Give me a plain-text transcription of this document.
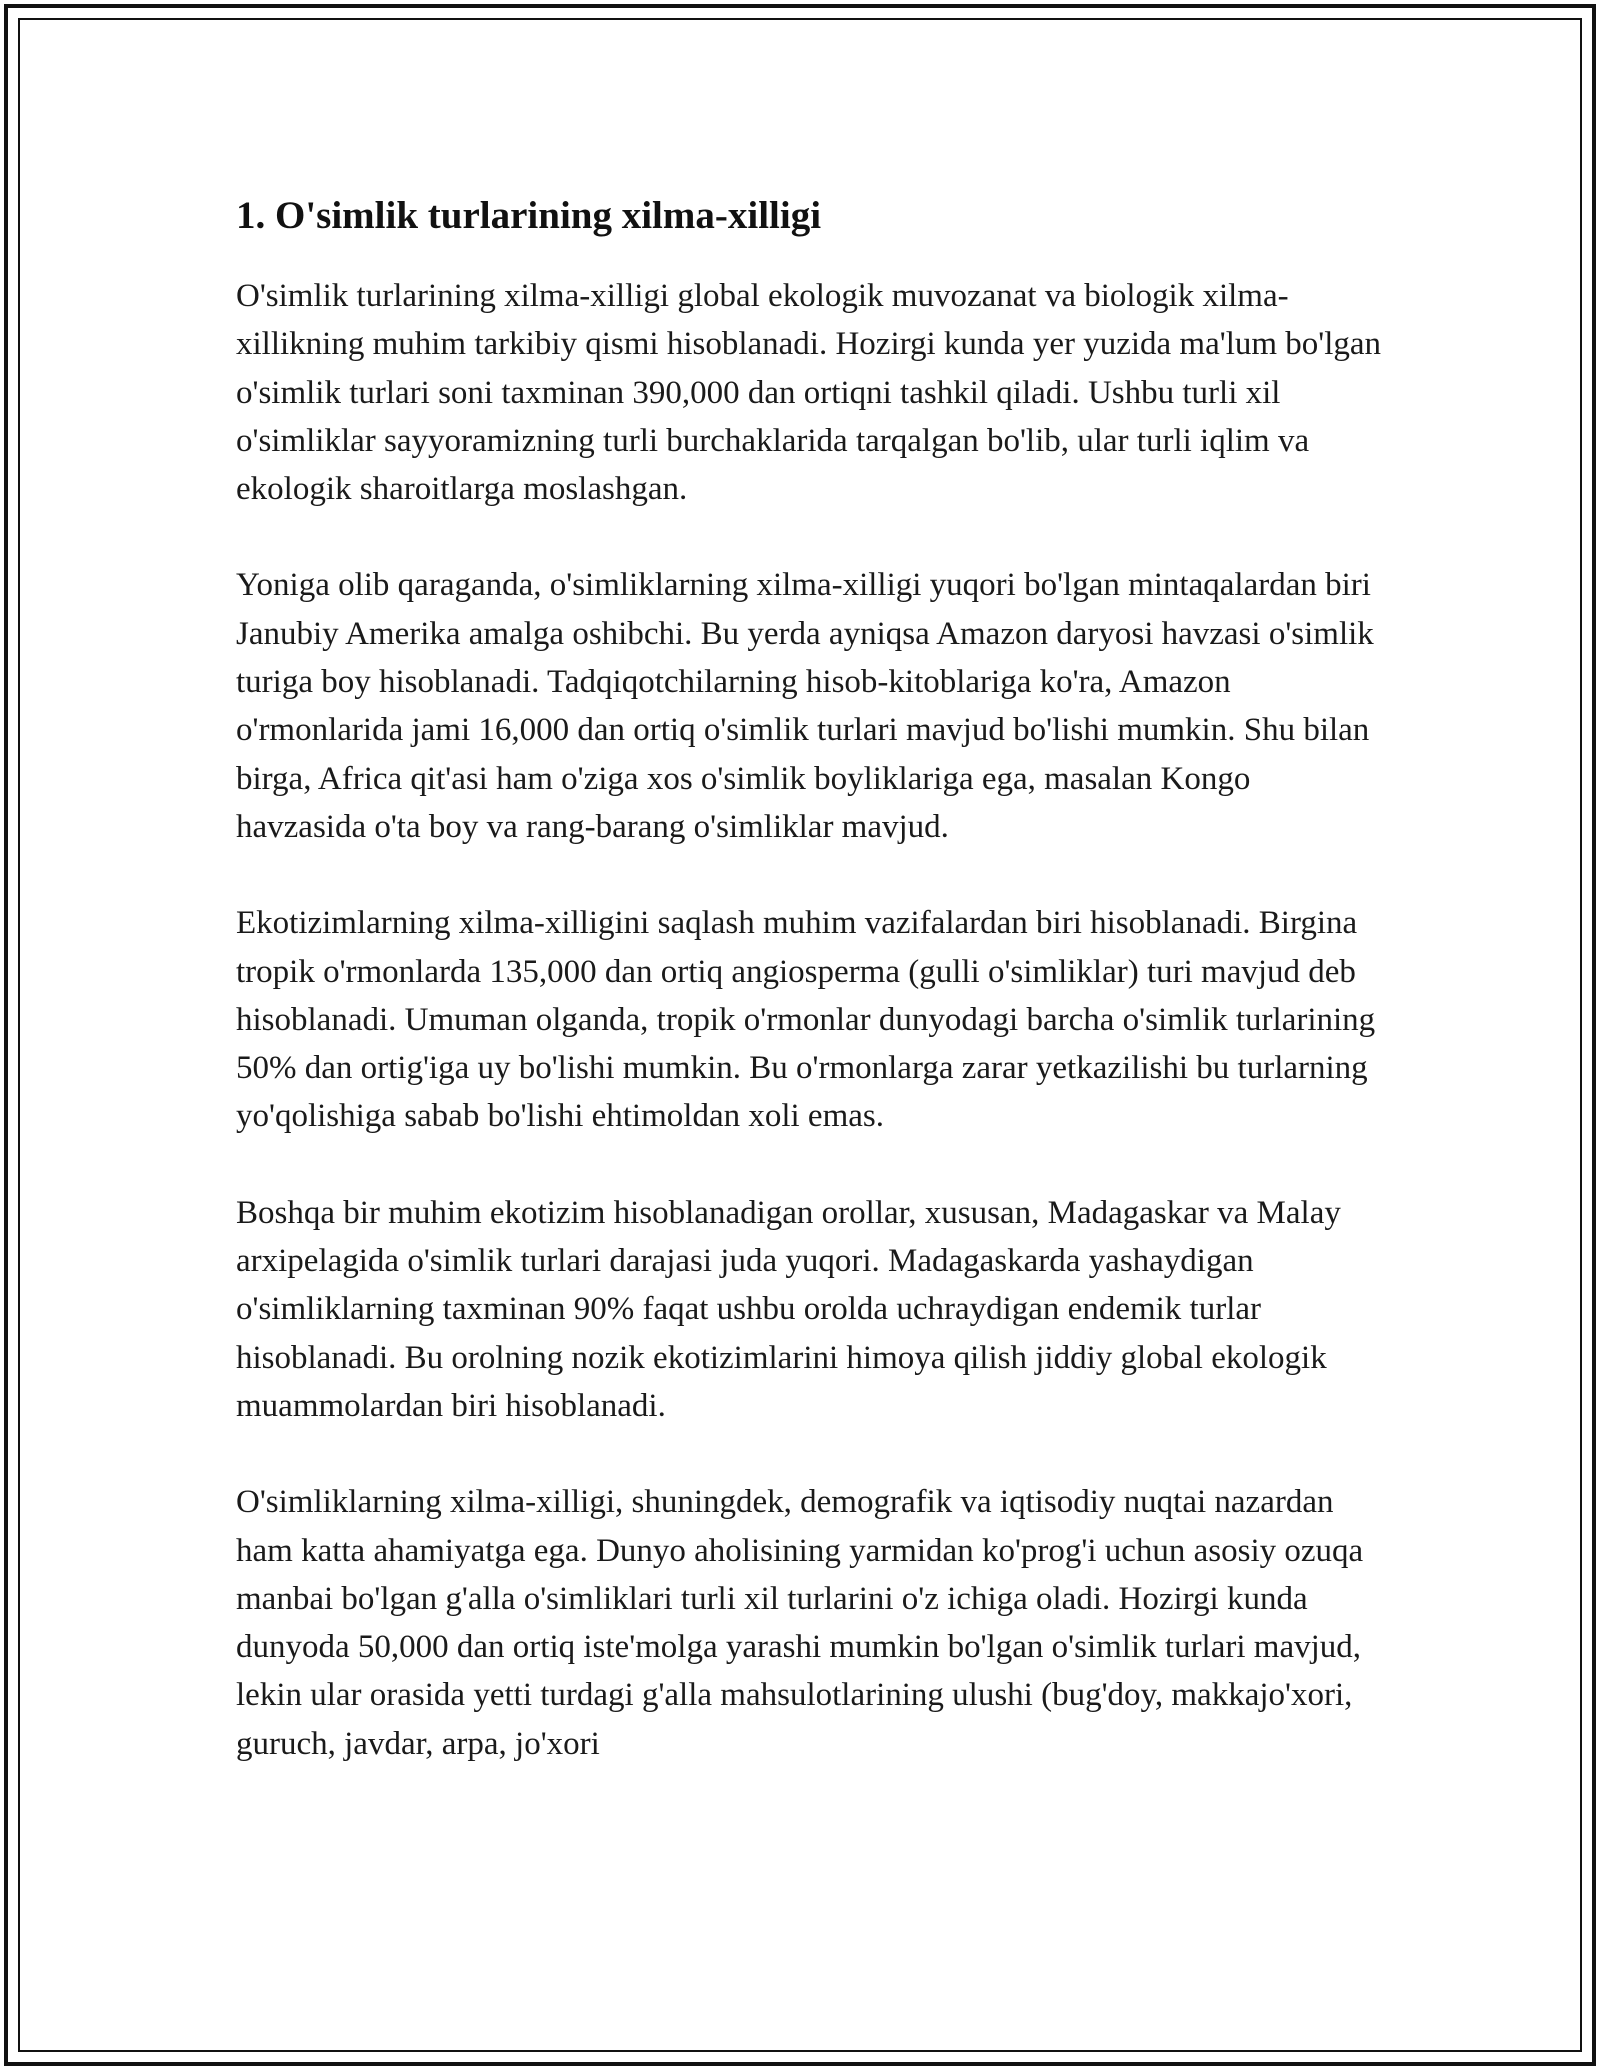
1. O'simlik turlarining xilma-xilligi

O'simlik turlarining xilma-xilligi global ekologik muvozanat va biologik xilma-xillikning muhim tarkibiy qismi hisoblanadi. Hozirgi kunda yer yuzida ma'lum bo'lgan o'simlik turlari soni taxminan 390,000 dan ortiqni tashkil qiladi. Ushbu turli xil o'simliklar sayyoramizning turli burchaklarida tarqalgan bo'lib, ular turli iqlim va ekologik sharoitlarga moslashgan.

Yoniga olib qaraganda, o'simliklarning xilma-xilligi yuqori bo'lgan mintaqalardan biri Janubiy Amerika amalga oshibchi. Bu yerda ayniqsa Amazon daryosi havzasi o'simlik turiga boy hisoblanadi. Tadqiqotchilarning hisob-kitoblariga ko'ra, Amazon o'rmonlarida jami 16,000 dan ortiq o'simlik turlari mavjud bo'lishi mumkin. Shu bilan birga, Africa qit'asi ham o'ziga xos o'simlik boyliklariga ega, masalan Kongo havzasida o'ta boy va rang-barang o'simliklar mavjud.

Ekotizimlarning xilma-xilligini saqlash muhim vazifalardan biri hisoblanadi. Birgina tropik o'rmonlarda 135,000 dan ortiq angiosperma (gulli o'simliklar) turi mavjud deb hisoblanadi. Umuman olganda, tropik o'rmonlar dunyodagi barcha o'simlik turlarining 50% dan ortig'iga uy bo'lishi mumkin. Bu o'rmonlarga zarar yetkazilishi bu turlarning yo'qolishiga sabab bo'lishi ehtimoldan xoli emas.

Boshqa bir muhim ekotizim hisoblanadigan orollar, xususan, Madagaskar va Malay arxipelagida o'simlik turlari darajasi juda yuqori. Madagaskarda yashaydigan o'simliklarning taxminan 90% faqat ushbu orolda uchraydigan endemik turlar hisoblanadi. Bu orolning nozik ekotizimlarini himoya qilish jiddiy global ekologik muammolardan biri hisoblanadi.

O'simliklarning xilma-xilligi, shuningdek, demografik va iqtisodiy nuqtai nazardan ham katta ahamiyatga ega. Dunyo aholisining yarmidan ko'prog'i uchun asosiy ozuqa manbai bo'lgan g'alla o'simliklari turli xil turlarini o'z ichiga oladi. Hozirgi kunda dunyoda 50,000 dan ortiq iste'molga yarashi mumkin bo'lgan o'simlik turlari mavjud, lekin ular orasida yetti turdagi g'alla mahsulotlarining ulushi (bug'doy, makkajo'xori, guruch, javdar, arpa, jo'xori
